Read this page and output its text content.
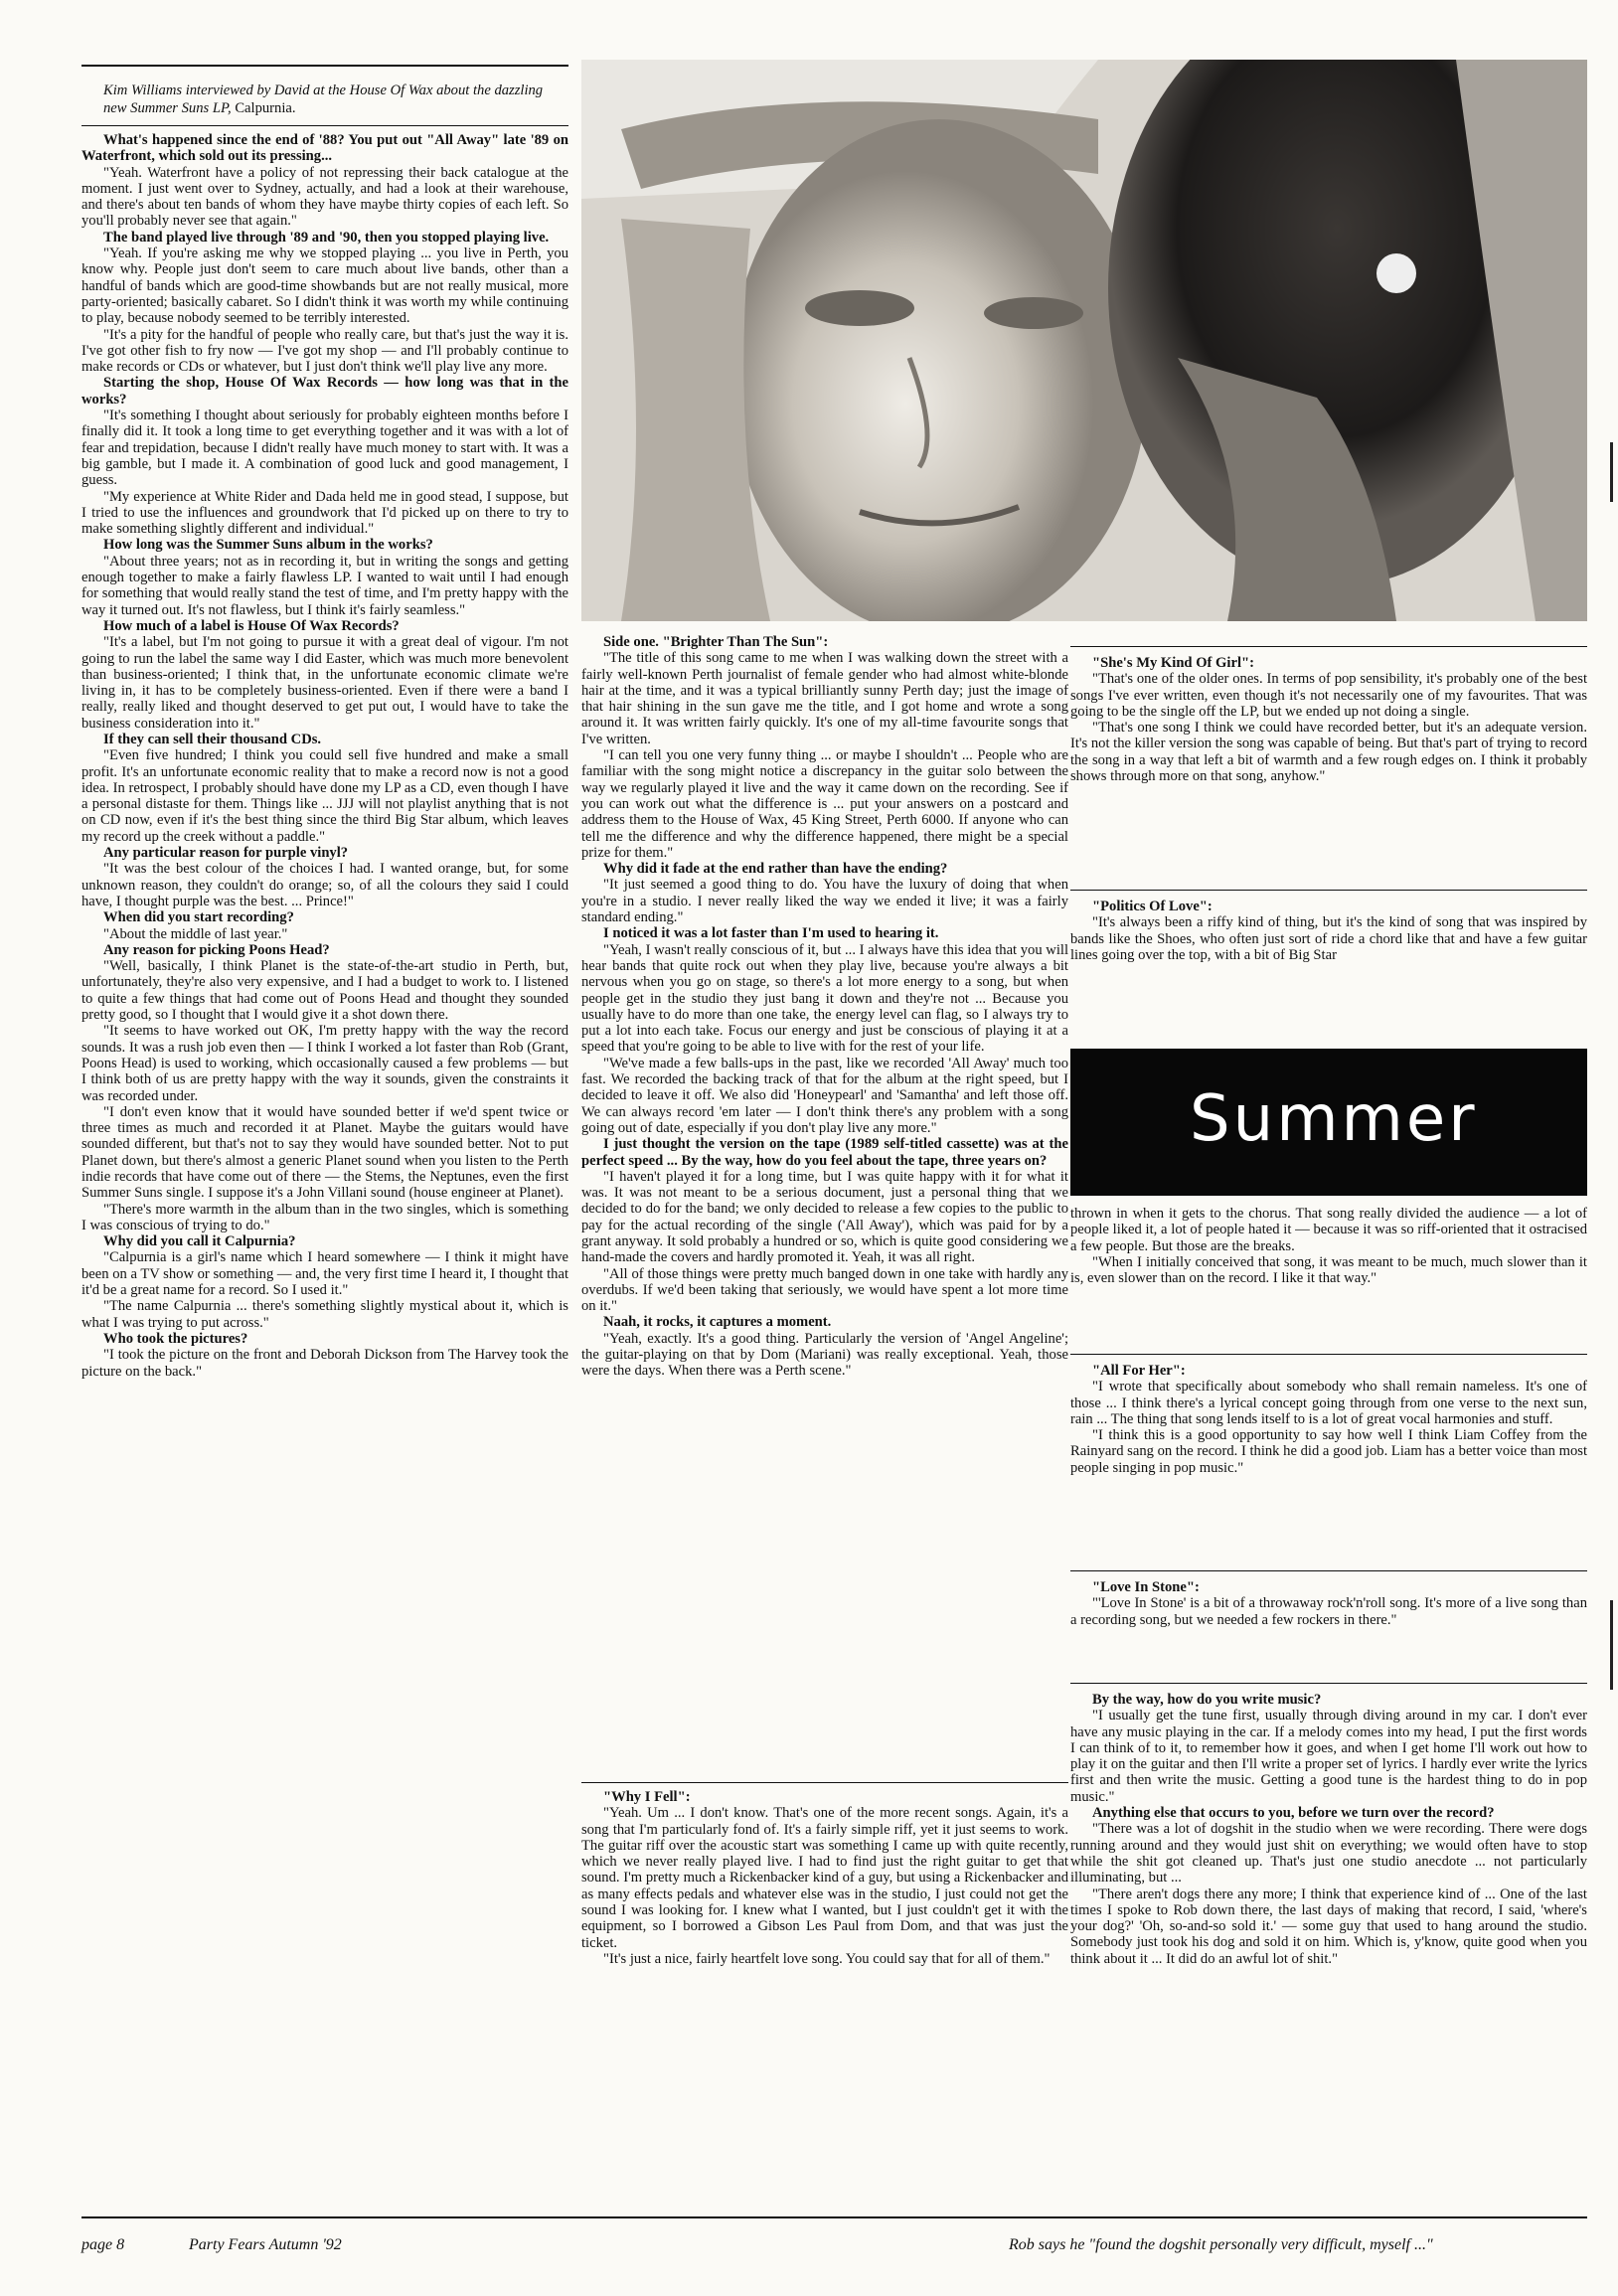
Kim Williams interviewed by David at the House Of Wax about the dazzling new Summer Suns LP, Calpurnia.

What's happened since the end of '88? You put out "All Away" late '89 on Waterfront, which sold out its pressing...

"Yeah. Waterfront have a policy of not repressing their back catalogue at the moment. I just went over to Sydney, actually, and had a look at their warehouse, and there's about ten bands of whom they have maybe thirty copies of each left. So you'll probably never see that again."

The band played live through '89 and '90, then you stopped playing live.

"Yeah. If you're asking me why we stopped playing ... you live in Perth, you know why. People just don't seem to care much about live bands, other than a handful of bands which are good-time showbands but are not really musical, more party-oriented; basically cabaret. So I didn't think it was worth my while continuing to play, because nobody seemed to be terribly interested.

"It's a pity for the handful of people who really care, but that's just the way it is. I've got other fish to fry now — I've got my shop — and I'll probably continue to make records or CDs or whatever, but I just don't think we'll play live any more.

Starting the shop, House Of Wax Records — how long was that in the works?

"It's something I thought about seriously for probably eighteen months before I finally did it. It took a long time to get everything together and it was with a lot of fear and trepidation, because I didn't really have much money to start with. It was a big gamble, but I made it. A combination of good luck and good management, I guess.

"My experience at White Rider and Dada held me in good stead, I suppose, but I tried to use the influences and groundwork that I'd picked up on there to try to make something slightly different and individual."

How long was the Summer Suns album in the works?

"About three years; not as in recording it, but in writing the songs and getting enough together to make a fairly flawless LP. I wanted to wait until I had enough for something that would really stand the test of time, and I'm pretty happy with the way it turned out. It's not flawless, but I think it's fairly seamless."

How much of a label is House Of Wax Records?

"It's a label, but I'm not going to pursue it with a great deal of vigour. I'm not going to run the label the same way I did Easter, which was much more benevolent than business-oriented; I think that, in the unfortunate economic climate we're living in, it has to be completely business-oriented. Even if there were a band I really, really liked and thought deserved to get put out, I would have to take the business consideration into it."

If they can sell their thousand CDs.

"Even five hundred; I think you could sell five hundred and make a small profit. It's an unfortunate economic reality that to make a record now is not a good idea. In retrospect, I probably should have done my LP as a CD, even though I have a personal distaste for them. Things like ... JJJ will not playlist anything that is not on CD now, even if it's the best thing since the third Big Star album, which leaves my record up the creek without a paddle."

Any particular reason for purple vinyl?

"It was the best colour of the choices I had. I wanted orange, but, for some unknown reason, they couldn't do orange; so, of all the colours they said I could have, I thought purple was the best. ... Prince!"

When did you start recording?

"About the middle of last year."

Any reason for picking Poons Head?

"Well, basically, I think Planet is the state-of-the-art studio in Perth, but, unfortunately, they're also very expensive, and I had a budget to work to. I listened to quite a few things that had come out of Poons Head and thought they sounded pretty good, so I thought that I would give it a shot down there.

"It seems to have worked out OK, I'm pretty happy with the way the record sounds. It was a rush job even then — I think I worked a lot faster than Rob (Grant, Poons Head) is used to working, which occasionally caused a few problems — but I think both of us are pretty happy with the way it sounds, given the constraints it was recorded under.

"I don't even know that it would have sounded better if we'd spent twice or three times as much and recorded it at Planet. Maybe the guitars would have sounded different, but that's not to say they would have sounded better. Not to put Planet down, but there's almost a generic Planet sound when you listen to the Perth indie records that have come out of there — the Stems, the Neptunes, even the first Summer Suns single. I suppose it's a John Villani sound (house engineer at Planet).

"There's more warmth in the album than in the two singles, which is something I was conscious of trying to do."

Why did you call it Calpurnia?

"Calpurnia is a girl's name which I heard somewhere — I think it might have been on a TV show or something — and, the very first time I heard it, I thought that it'd be a great name for a record. So I used it."

"The name Calpurnia ... there's something slightly mystical about it, which is what I was trying to put across."

Who took the pictures?

"I took the picture on the front and Deborah Dickson from The Harvey took the picture on the back."

Side one. "Brighter Than The Sun":

"The title of this song came to me when I was walking down the street with a fairly well-known Perth journalist of female gender who had almost white-blonde hair at the time, and it was a typical brilliantly sunny Perth day; just the image of that hair shining in the sun gave me the title, and I got home and wrote a song around it. It was written fairly quickly. It's one of my all-time favourite songs that I've written.

"I can tell you one very funny thing ... or maybe I shouldn't ... People who are familiar with the song might notice a discrepancy in the guitar solo between the way we regularly played it live and the way it came down on the recording. See if you can work out what the difference is ... put your answers on a postcard and address them to the House of Wax, 45 King Street, Perth 6000. If anyone who can tell me the difference and why the difference happened, there might be a special prize for them."

Why did it fade at the end rather than have the ending?

"It just seemed a good thing to do. You have the luxury of doing that when you're in a studio. I never really liked the way we ended it live; it was a fairly standard ending."

I noticed it was a lot faster than I'm used to hearing it.

"Yeah, I wasn't really conscious of it, but ... I always have this idea that you will hear bands that quite rock out when they play live, because you're always a bit nervous when you go on stage, so there's a lot more energy to a song, but when people get in the studio they just bang it down and they're not ... Because you usually have to do more than one take, the energy level can flag, so I always try to put a lot into each take. Focus our energy and just be conscious of playing it at a speed that you're going to be able to live with for the rest of your life.

"We've made a few balls-ups in the past, like we recorded 'All Away' much too fast. We recorded the backing track of that for the album at the right speed, but I decided to leave it off. We also did 'Honeypearl' and 'Samantha' and left those off. We can always record 'em later — I don't think there's any problem with a song going out of date, especially if you don't play live any more."

I just thought the version on the tape (1989 self-titled cassette) was at the perfect speed ... By the way, how do you feel about the tape, three years on?

"I haven't played it for a long time, but I was quite happy with it for what it was. It was not meant to be a serious document, just a personal thing that we decided to do for the band; we only decided to release a few copies to the public to pay for the actual recording of the single ('All Away'), which was paid for by a grant anyway. It sold probably a hundred or so, which is quite good considering we hand-made the covers and hardly promoted it. Yeah, it was all right.

"All of those things were pretty much banged down in one take with hardly any overdubs. If we'd been taking that seriously, we would have spent a lot more time on it."

Naah, it rocks, it captures a moment.

"Yeah, exactly. It's a good thing. Particularly the version of 'Angel Angeline'; the guitar-playing on that by Dom (Mariani) was really exceptional. Yeah, those were the days. When there was a Perth scene."

"Why I Fell":

"Yeah. Um ... I don't know. That's one of the more recent songs. Again, it's a song that I'm particularly fond of. It's a fairly simple riff, yet it just seems to work. The guitar riff over the acoustic start was something I came up with quite recently, which we never really played live. I had to find just the right guitar to get that sound. I'm pretty much a Rickenbacker kind of a guy, but using a Rickenbacker and as many effects pedals and whatever else was in the studio, I just could not get the sound I was looking for. I knew what I wanted, but I just couldn't get it with the equipment, so I borrowed a Gibson Les Paul from Dom, and that was just the ticket.

"It's just a nice, fairly heartfelt love song. You could say that for all of them."

"She's My Kind Of Girl":

"That's one of the older ones. In terms of pop sensibility, it's probably one of the best songs I've ever written, even though it's not necessarily one of my favourites. That was going to be the single off the LP, but we ended up not doing a single.

"That's one song I think we could have recorded better, but it's an adequate version. It's not the killer version the song was capable of being. But that's part of trying to record the song in a way that left a bit of warmth and a few rough edges on. I think it probably shows through more on that song, anyhow."

"Politics Of Love":

"It's always been a riffy kind of thing, but it's the kind of song that was inspired by bands like the Shoes, who often just sort of ride a chord like that and have a few guitar lines going over the top, with a bit of Big Star

Summer

thrown in when it gets to the chorus. That song really divided the audience — a lot of people liked it, a lot of people hated it — because it was so riff-oriented that it ostracised a few people. But those are the breaks.

"When I initially conceived that song, it was meant to be much, much slower than it is, even slower than on the record. I like it that way."

"All For Her":

"I wrote that specifically about somebody who shall remain nameless. It's one of those ... I think there's a lyrical concept going through from one verse to the next sun, rain ... The thing that song lends itself to is a lot of great vocal harmonies and stuff.

"I think this is a good opportunity to say how well I think Liam Coffey from the Rainyard sang on the record. I think he did a good job. Liam has a better voice than most people singing in pop music."

"Love In Stone":

"'Love In Stone' is a bit of a throwaway rock'n'roll song. It's more of a live song than a recording song, but we needed a few rockers in there."

By the way, how do you write music?

"I usually get the tune first, usually through diving around in my car. I don't ever have any music playing in the car. If a melody comes into my head, I put the first words I can think of to it, to remember how it goes, and when I get home I'll work out how to play it on the guitar and then I'll write a proper set of lyrics. I hardly ever write the lyrics first and then write the music. Getting a good tune is the hardest thing to do in pop music."

Anything else that occurs to you, before we turn over the record?

"There was a lot of dogshit in the studio when we were recording. There were dogs running around and they would just shit on everything; we would often have to stop while the shit got cleaned up. That's just one studio anecdote ... not particularly illuminating, but ...

"There aren't dogs there any more; I think that experience kind of ... One of the last times I spoke to Rob down there, the last days of making that record, I said, 'where's your dog?' 'Oh, so-and-so sold it.' — some guy that used to hang around the studio. Somebody just took his dog and sold it on him. Which is, y'know, quite good when you think about it ... It did do an awful lot of shit."

page 8	Party Fears Autumn '92	Rob says he "found the dogshit personally very difficult, myself ..."
